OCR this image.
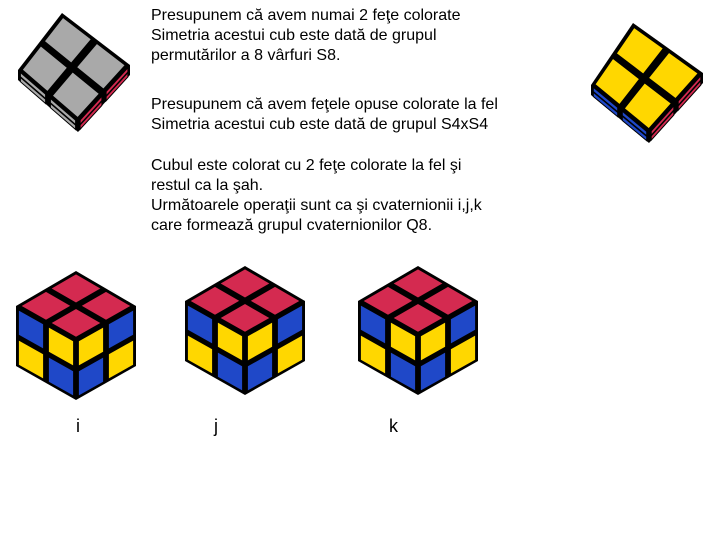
Presupunem că avem numai 2 feţe colorate
Simetria acestui cub este dată de grupul
permutărilor a 8 vârfuri S8.

Presupunem că avem feţele opuse colorate la fel
Simetria acestui cub este dată de grupul S4xS4

Cubul este colorat cu 2 feţe colorate la fel şi
restul ca la şah.
Următoarele operaţii sunt ca şi cvaternionii i,j,k
care formează grupul cvaternionilor Q8.

i	j	k
